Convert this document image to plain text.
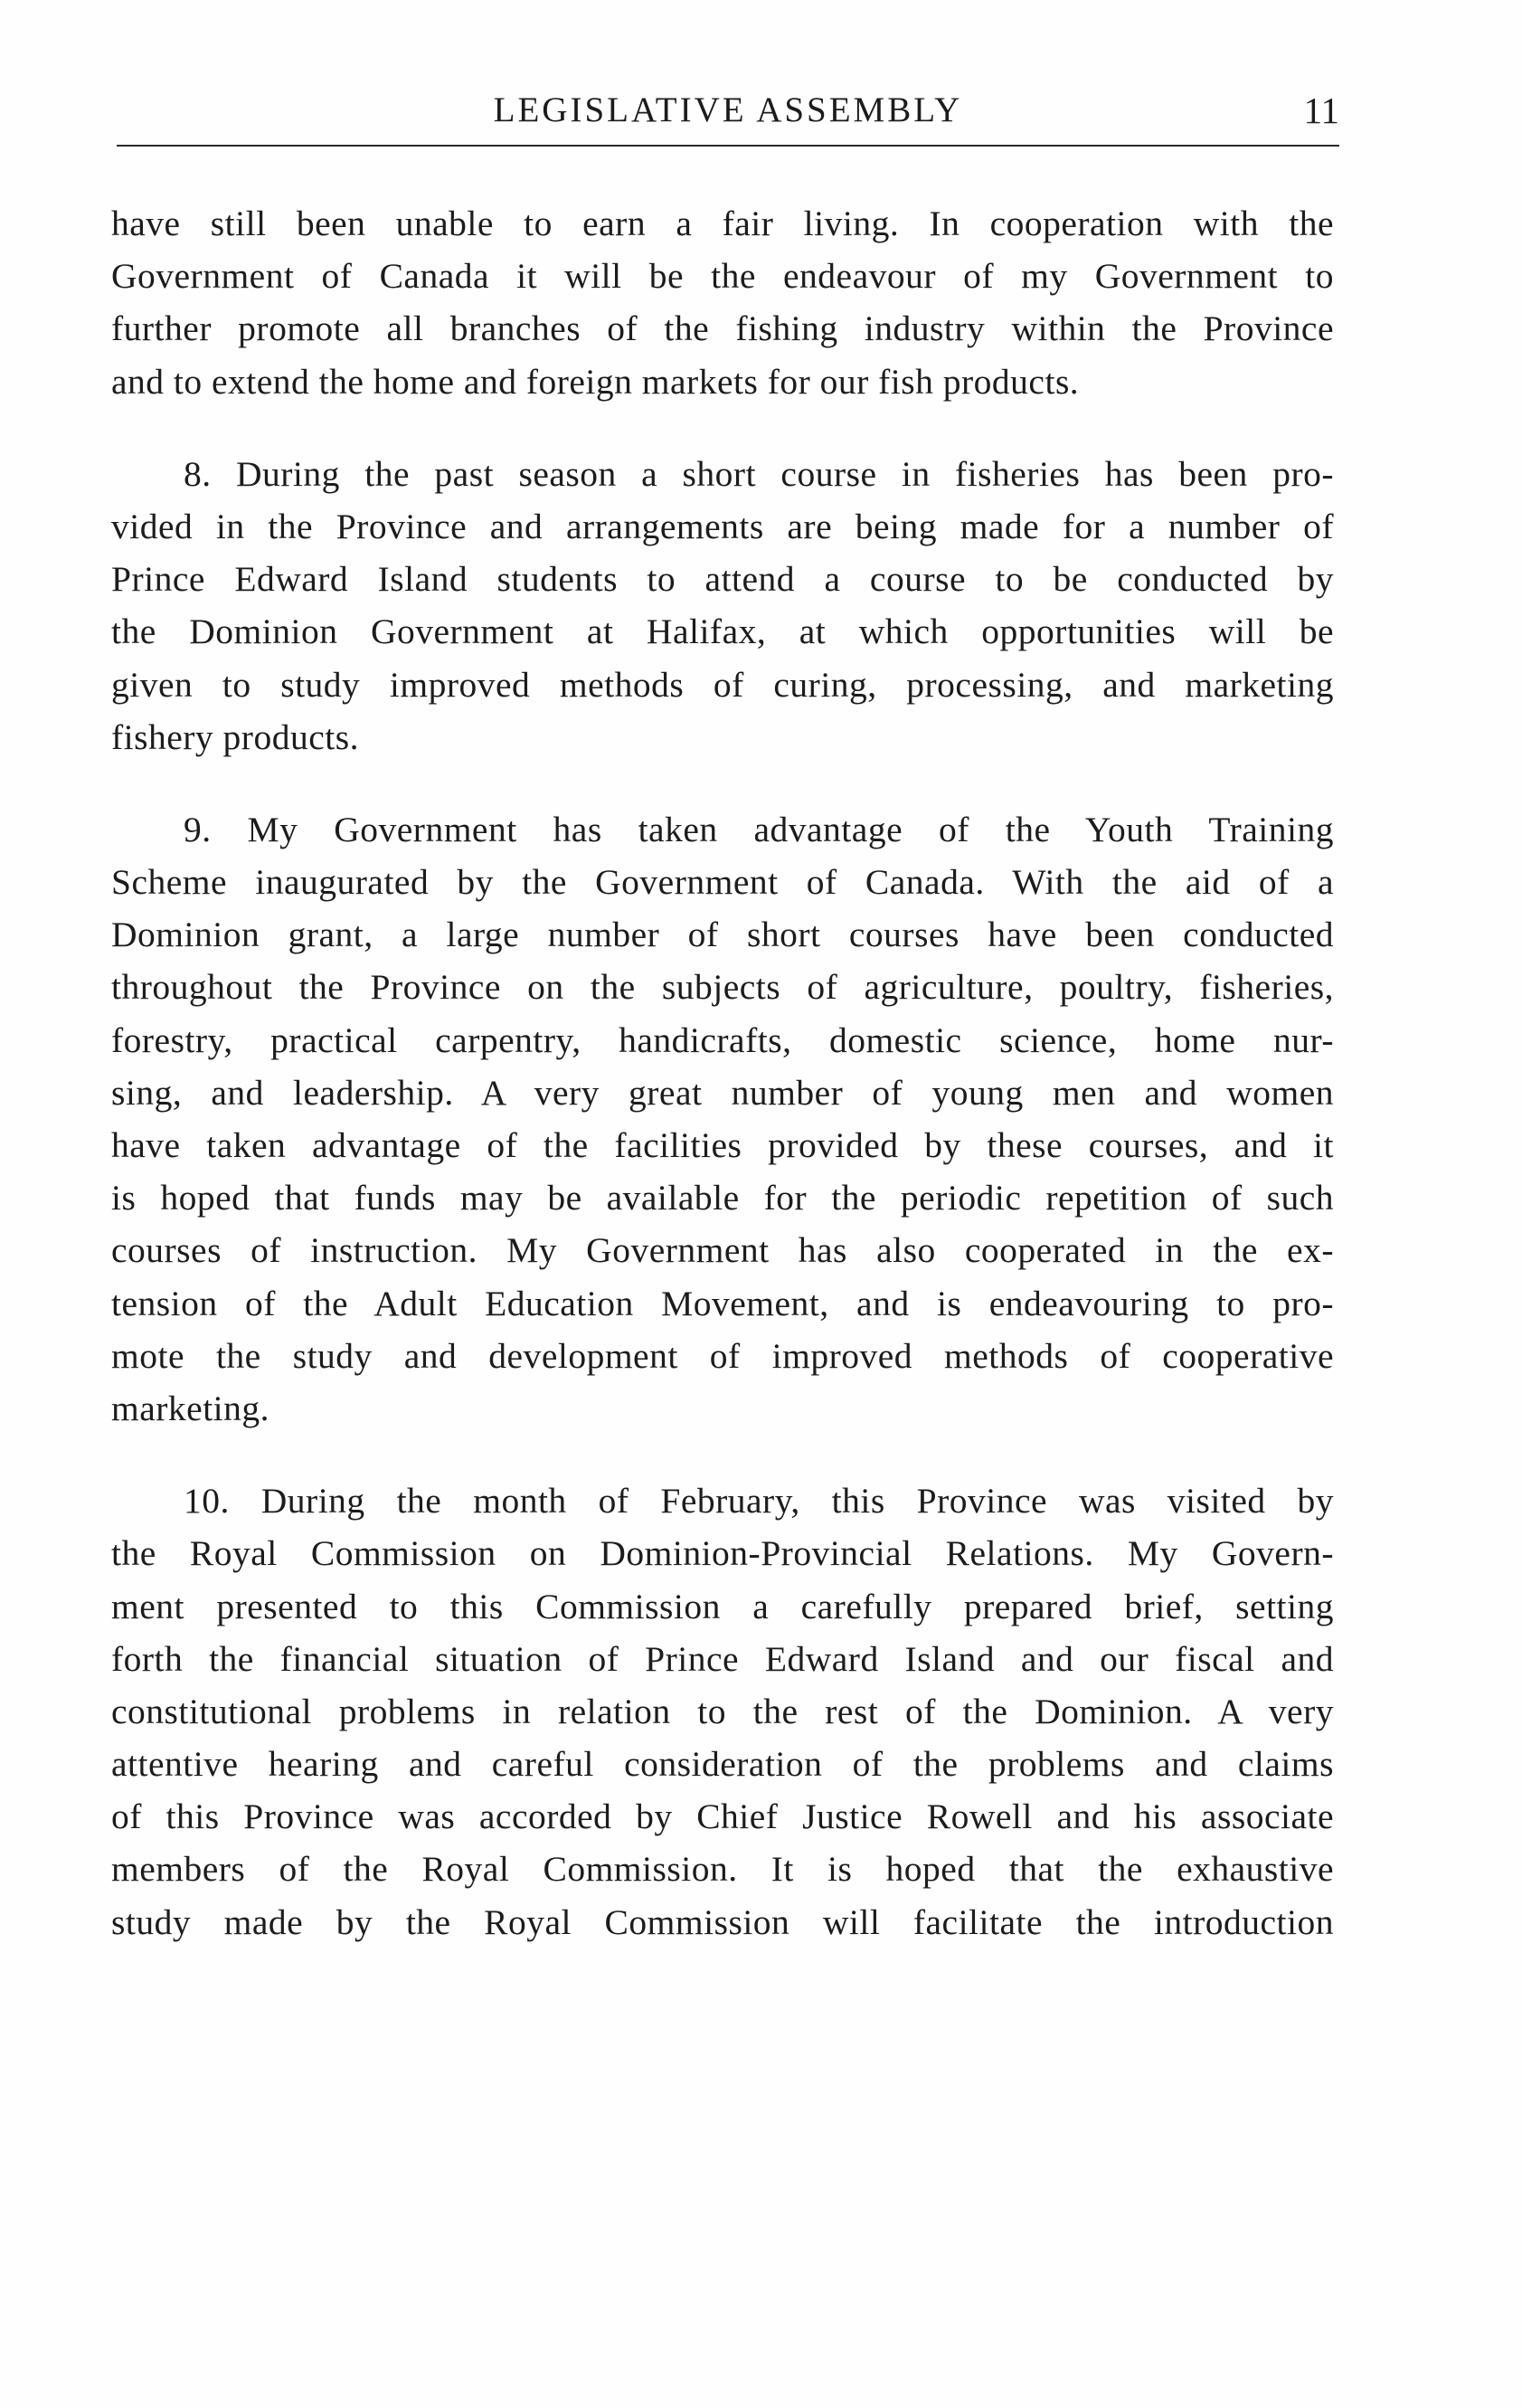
LEGISLATIVE ASSEMBLY	11
have still been unable to earn a fair living. In cooperation with the
Government of Canada it will be the endeavour of my Government to
further promote all branches of the fishing industry within the Province
and to extend the home and foreign markets for our fish products.
8. During the past season a short course in fisheries has been pro-
vided in the Province and arrangements are being made for a number of
Prince Edward Island students to attend a course to be conducted by
the Dominion Government at Halifax, at which opportunities will be
given to study improved methods of curing, processing, and marketing
fishery products.
9. My Government has taken advantage of the Youth Training
Scheme inaugurated by the Government of Canada. With the aid of a
Dominion grant, a large number of short courses have been conducted
throughout the Province on the subjects of agriculture, poultry, fisheries,
forestry, practical carpentry, handicrafts, domestic science, home nur-
sing, and leadership. A very great number of young men and women
have taken advantage of the facilities provided by these courses, and it
is hoped that funds may be available for the periodic repetition of such
courses of instruction. My Government has also cooperated in the ex-
tension of the Adult Education Movement, and is endeavouring to pro-
mote the study and development of improved methods of cooperative
marketing.
10. During the month of February, this Province was visited by
the Royal Commission on Dominion-Provincial Relations. My Govern-
ment presented to this Commission a carefully prepared brief, setting
forth the financial situation of Prince Edward Island and our fiscal and
constitutional problems in relation to the rest of the Dominion. A very
attentive hearing and careful consideration of the problems and claims
of this Province was accorded by Chief Justice Rowell and his associate
members of the Royal Commission. It is hoped that the exhaustive
study made by the Royal Commission will facilitate the introduction
